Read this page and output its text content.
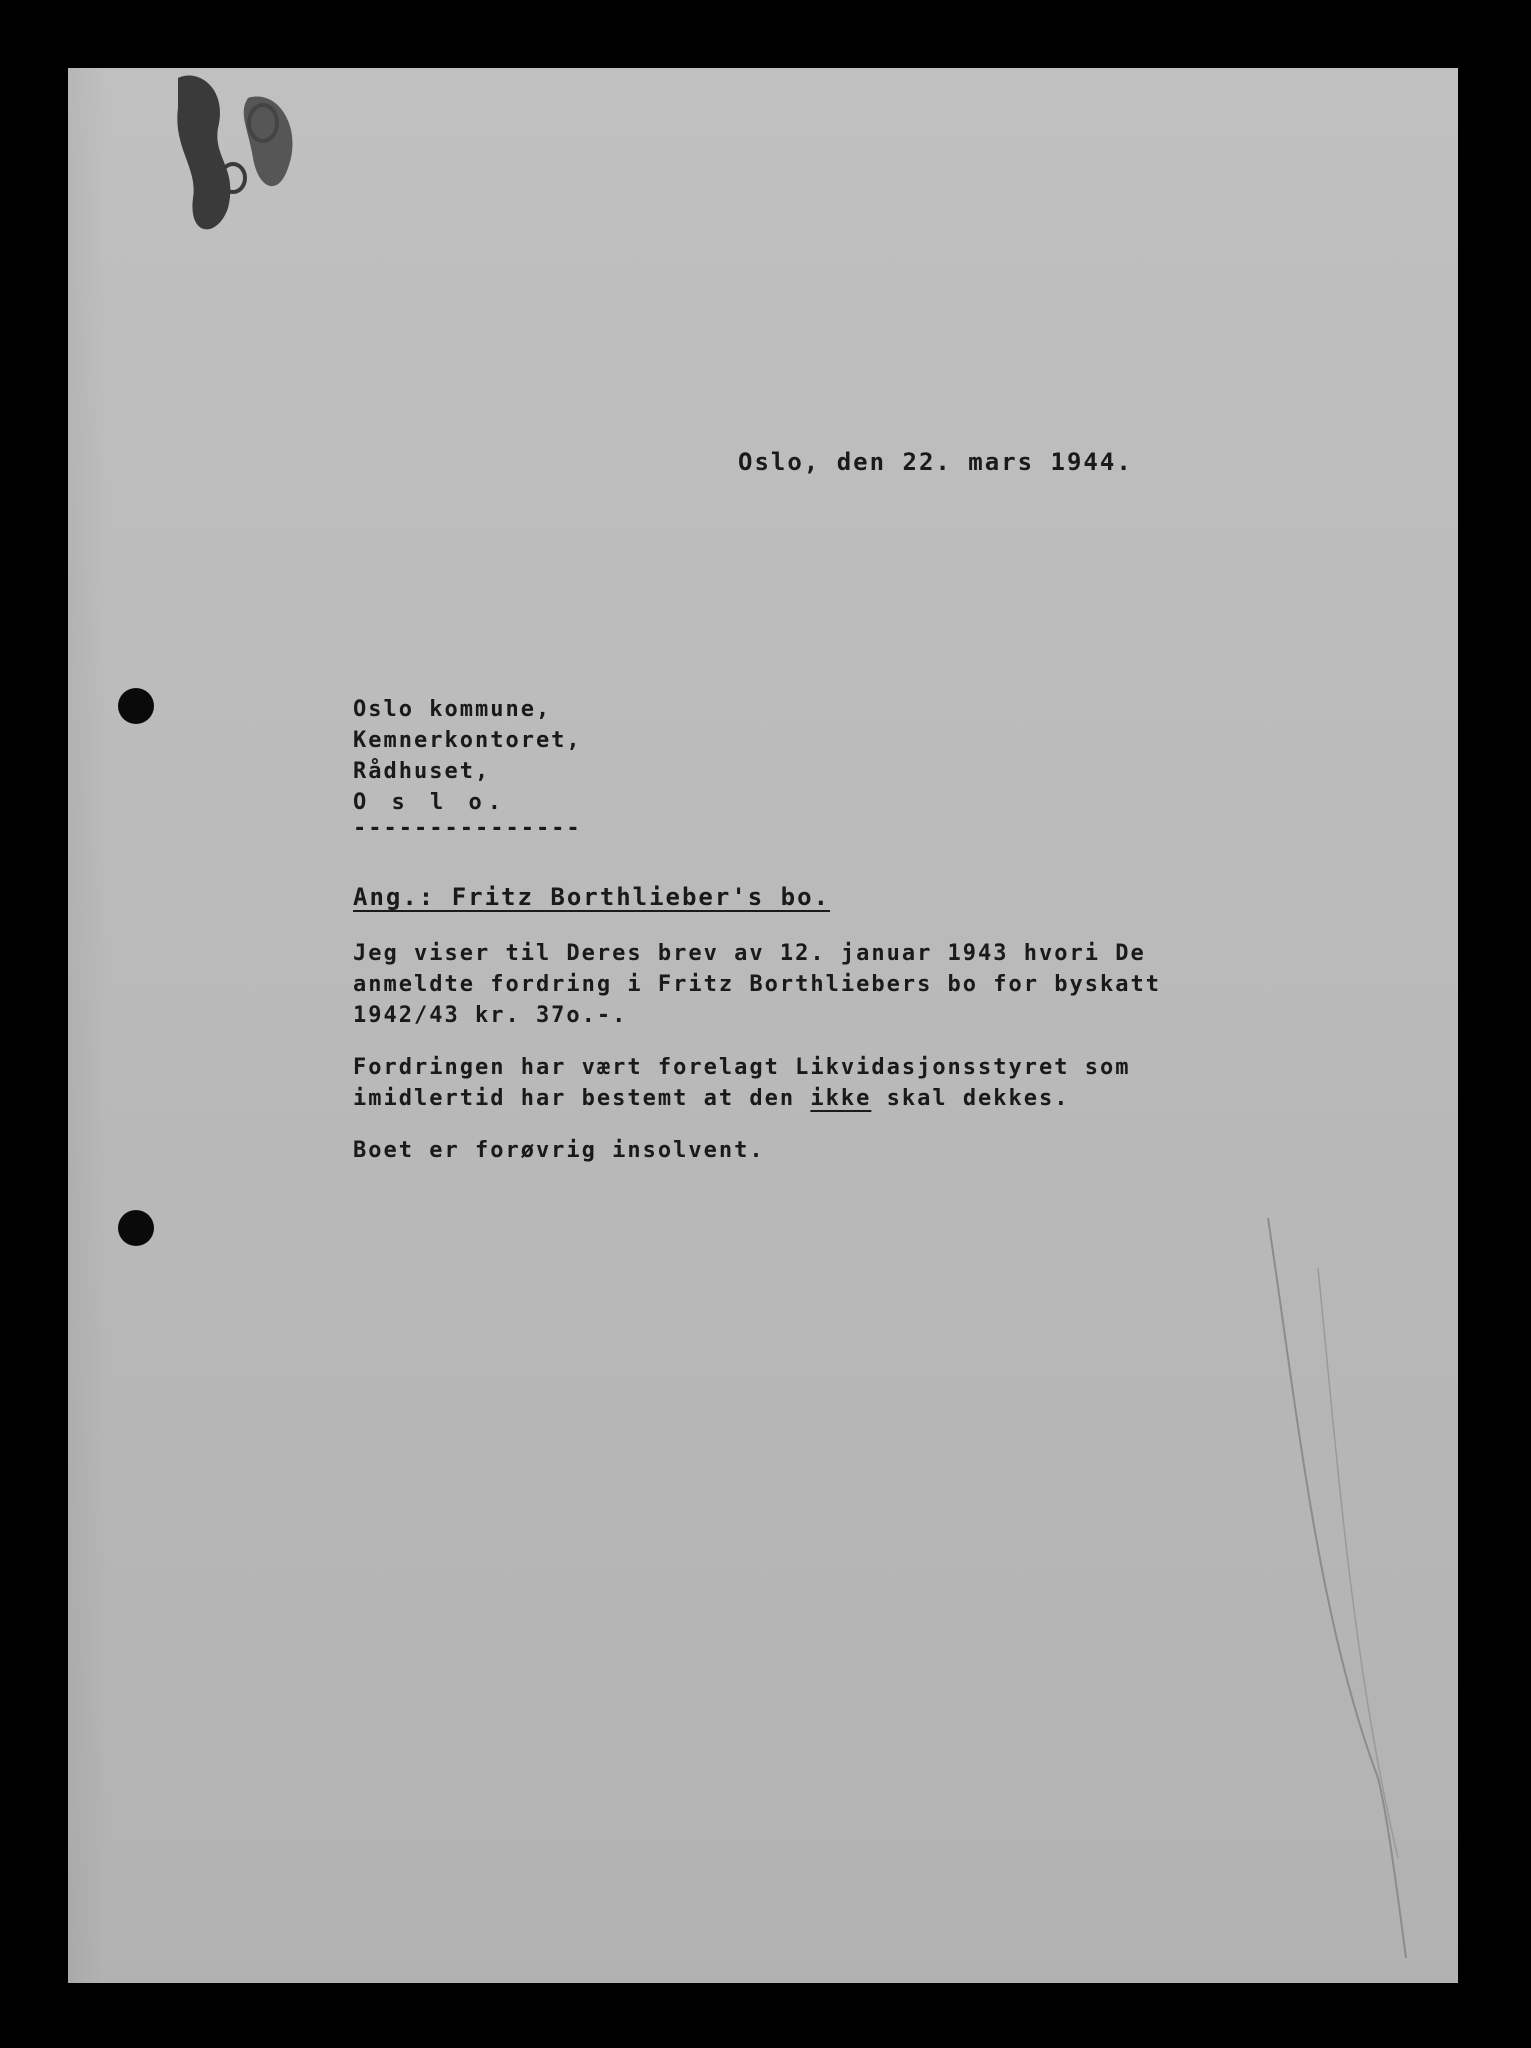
Oslo, den 22. mars 1944.

Oslo kommune,

Kemnerkontoret,

Rådhuset,

O s l o.

---------------

Ang.: Fritz Borthlieber's bo.

Jeg viser til Deres brev av 12. januar 1943 hvori De

anmeldte fordring i Fritz Borthliebers bo for byskatt

1942/43 kr. 37o.-.

Fordringen har vært forelagt Likvidasjonsstyret som

imidlertid har bestemt at den ikke skal dekkes.

Boet er forøvrig insolvent.
